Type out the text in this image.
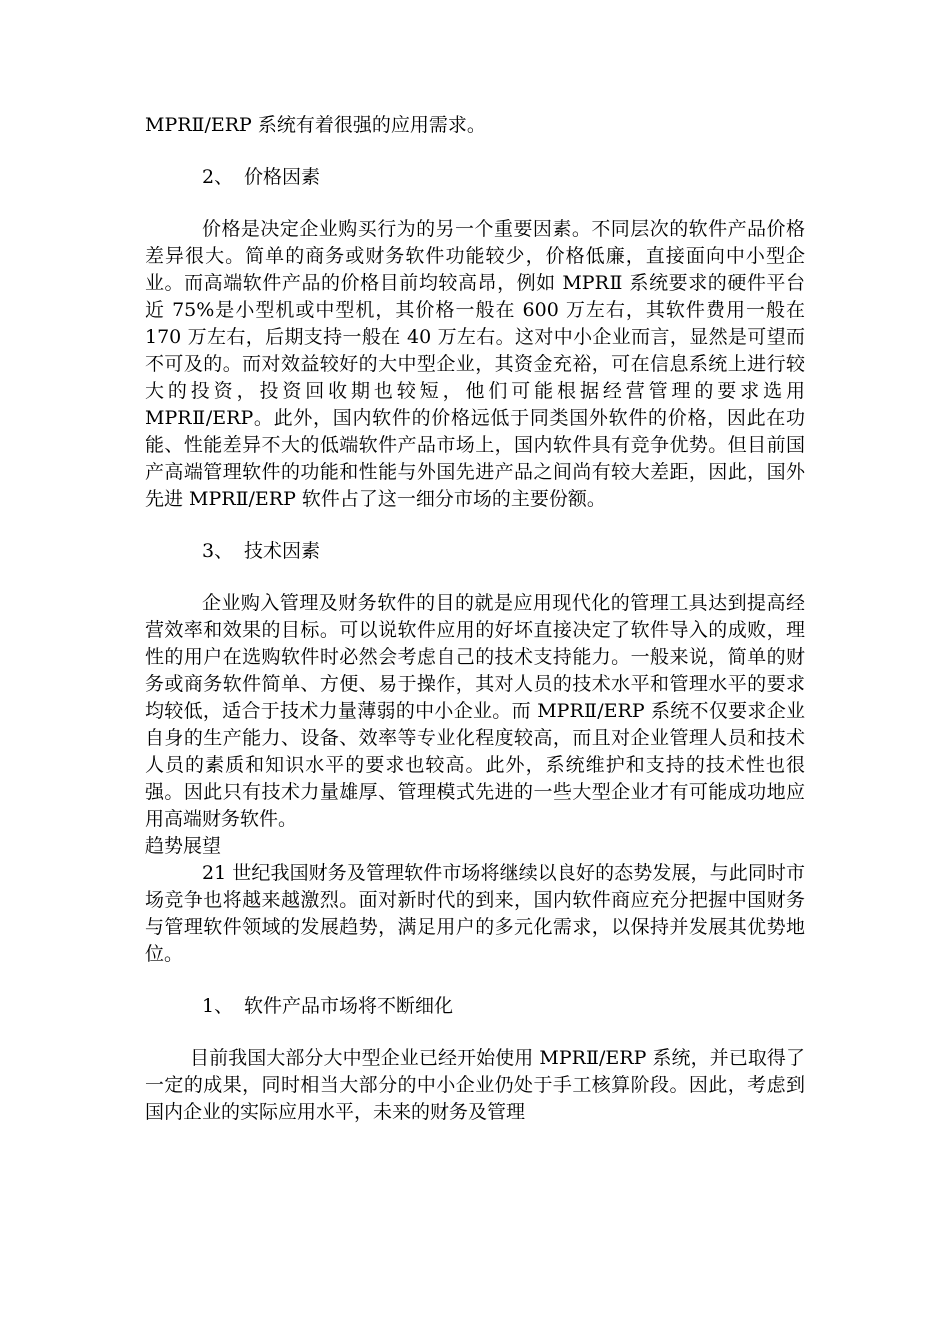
MPRⅡ/ERP 系统有着很强的应用需求。

2、 价格因素

价格是决定企业购买行为的另一个重要因素。不同层次的软件产品价格差异很大。简单的商务或财务软件功能较少，价格低廉，直接面向中小型企业。而高端软件产品的价格目前均较高昂，例如 MPRⅡ 系统要求的硬件平台近 75%是小型机或中型机，其价格一般在 600 万左右，其软件费用一般在 170 万左右，后期支持一般在 40 万左右。这对中小企业而言，显然是可望而不可及的。而对效益较好的大中型企业，其资金充裕，可在信息系统上进行较大的投资，投资回收期也较短，他们可能根据经营管理的要求选用 MPRⅡ/ERP。此外，国内软件的价格远低于同类国外软件的价格，因此在功能、性能差异不大的低端软件产品市场上，国内软件具有竞争优势。但目前国产高端管理软件的功能和性能与外国先进产品之间尚有较大差距，因此，国外先进 MPRⅡ/ERP 软件占了这一细分市场的主要份额。

3、 技术因素

企业购入管理及财务软件的目的就是应用现代化的管理工具达到提高经营效率和效果的目标。可以说软件应用的好坏直接决定了软件导入的成败，理性的用户在选购软件时必然会考虑自己的技术支持能力。一般来说，简单的财务或商务软件简单、方便、易于操作，其对人员的技术水平和管理水平的要求均较低，适合于技术力量薄弱的中小企业。而 MPRⅡ/ERP 系统不仅要求企业自身的生产能力、设备、效率等专业化程度较高，而且对企业管理人员和技术人员的素质和知识水平的要求也较高。此外，系统维护和支持的技术性也很强。因此只有技术力量雄厚、管理模式先进的一些大型企业才有可能成功地应用高端财务软件。

趋势展望

21 世纪我国财务及管理软件市场将继续以良好的态势发展，与此同时市场竞争也将越来越激烈。面对新时代的到来，国内软件商应充分把握中国财务与管理软件领域的发展趋势，满足用户的多元化需求，以保持并发展其优势地位。

1、 软件产品市场将不断细化

目前我国大部分大中型企业已经开始使用 MPRⅡ/ERP 系统，并已取得了一定的成果，同时相当大部分的中小企业仍处于手工核算阶段。因此，考虑到国内企业的实际应用水平，未来的财务及管理
